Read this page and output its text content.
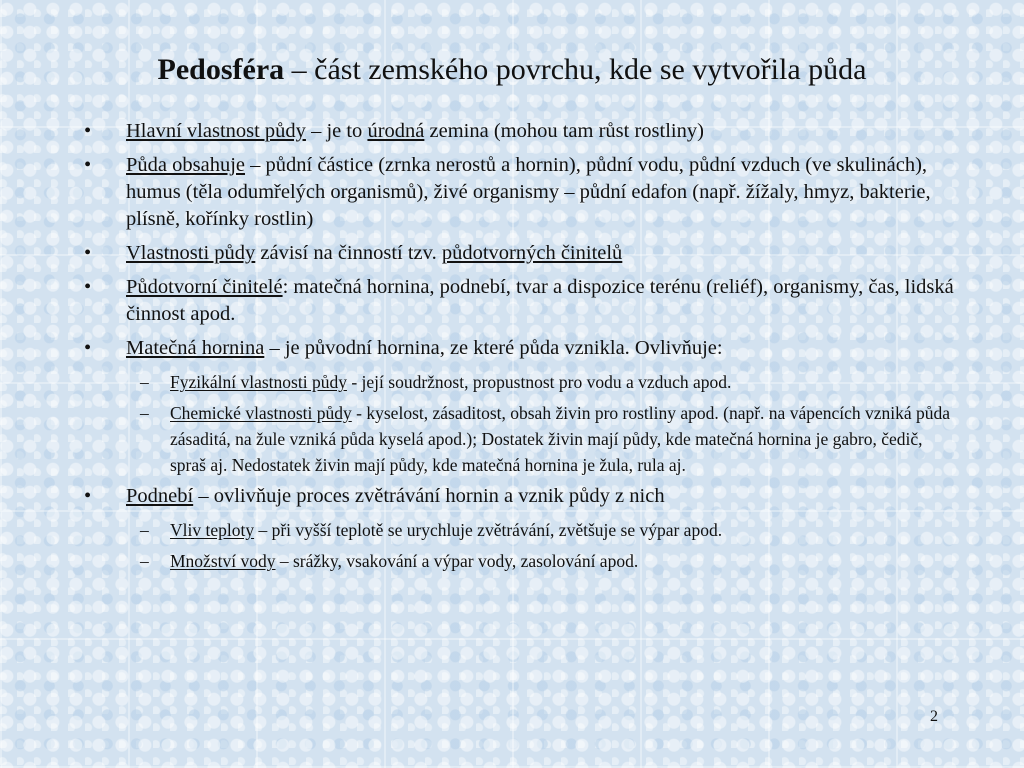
Pedosféra – část zemského povrchu, kde se vytvořila půda
• Hlavní vlastnost půdy – je to úrodná zemina (mohou tam růst rostliny)
• Půda obsahuje – půdní částice (zrnka nerostů a hornin), půdní vodu, půdní vzduch (ve skulinách), humus (těla odumřelých organismů), živé organismy – půdní edafon (např. žížaly, hmyz, bakterie, plísně, kořínky rostlin)
• Vlastnosti půdy závisí na činností tzv. půdotvorných činitelů
• Půdotvorní činitelé: matečná hornina, podnebí, tvar a dispozice terénu (reliéf), organismy, čas, lidská činnost apod.
• Matečná hornina – je původní hornina, ze které půda vznikla. Ovlivňuje:
– Fyzikální vlastnosti půdy - její soudržnost, propustnost pro vodu a vzduch apod.
– Chemické vlastnosti půdy - kyselost, zásaditost, obsah živin pro rostliny apod. (např. na vápencích vzniká půda zásaditá, na žule vzniká půda kyselá apod.); Dostatek živin mají půdy, kde matečná hornina je gabro, čedič, spraš aj. Nedostatek živin mají půdy, kde matečná hornina je žula, rula aj.
• Podnebí – ovlivňuje proces zvětrávání hornin a vznik půdy z nich
– Vliv teploty – při vyšší teplotě se urychluje zvětrávání, zvětšuje se výpar apod.
– Množství vody – srážky, vsakování a výpar vody, zasolování apod.
2
